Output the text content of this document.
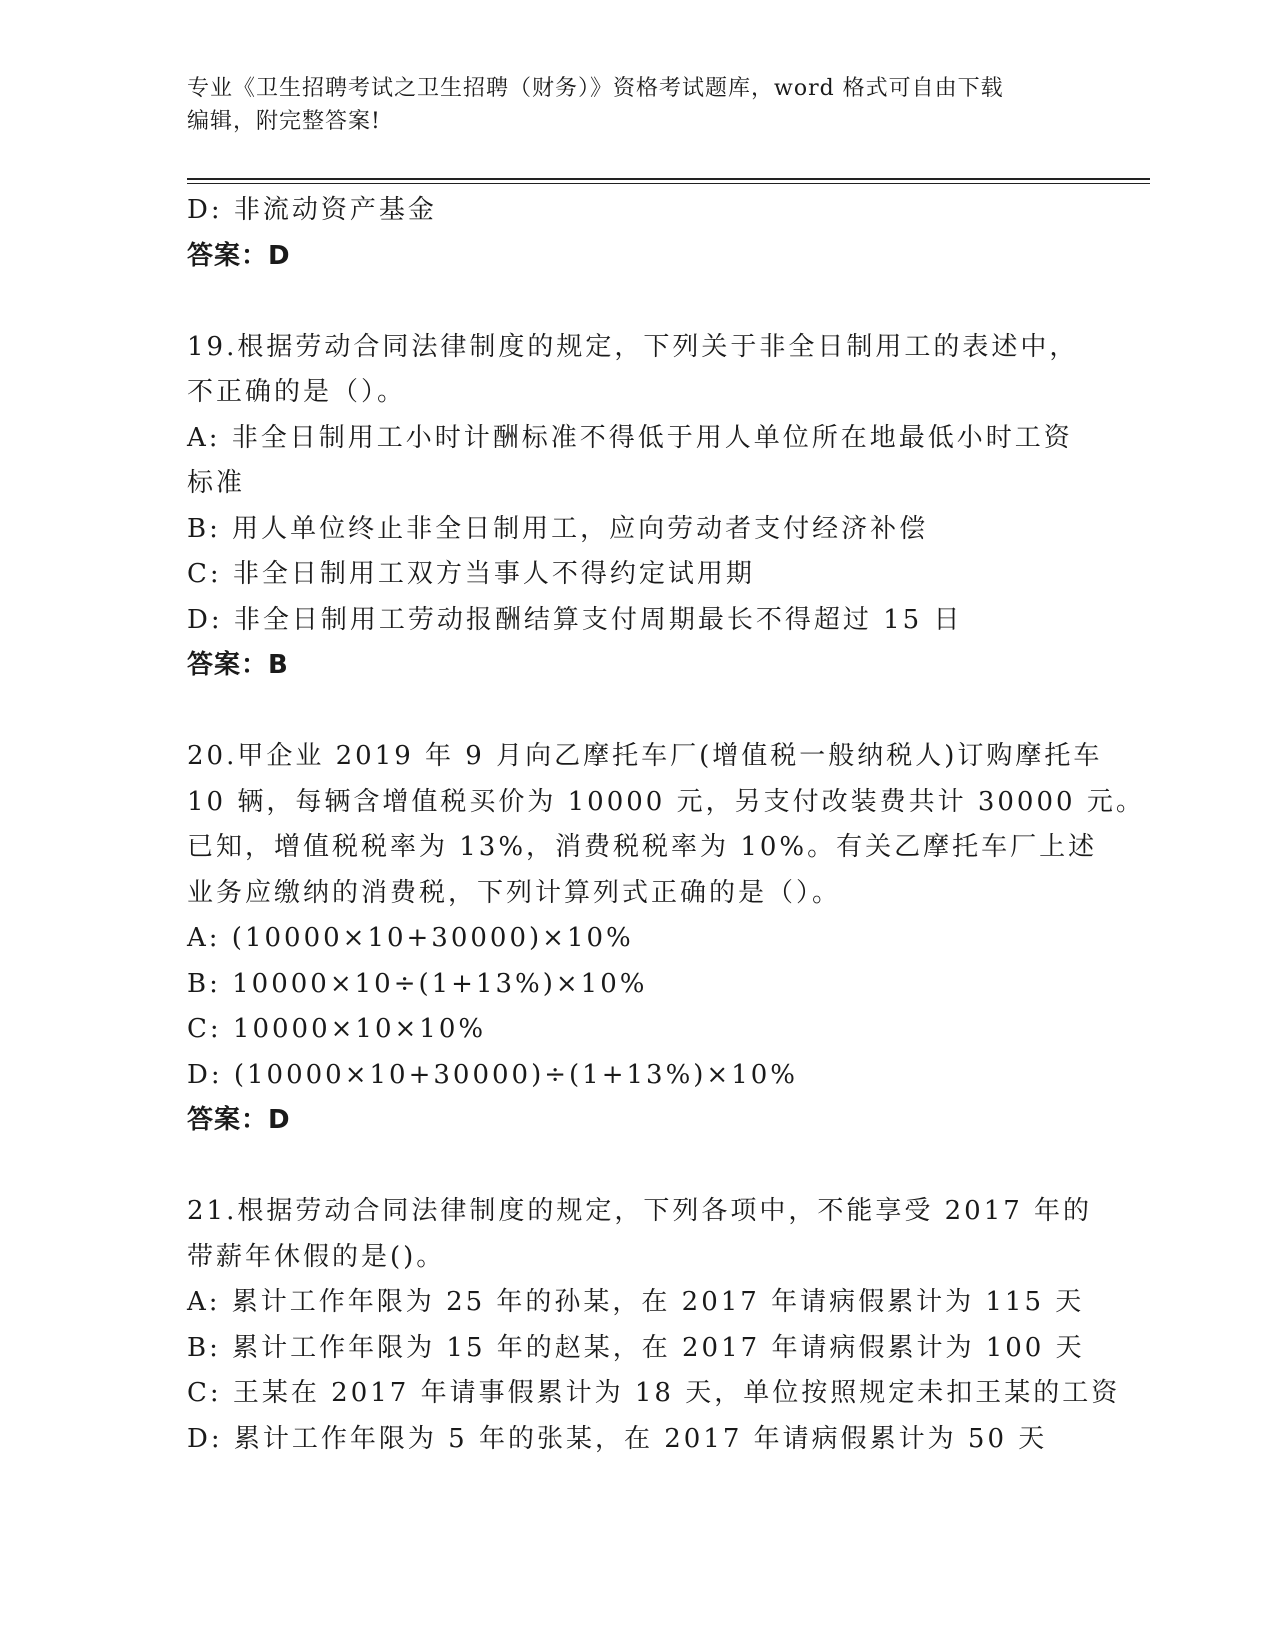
专业《卫生招聘考试之卫生招聘（财务）》资格考试题库，word 格式可自由下载
编辑，附完整答案!
D: 非流动资产基金
答案：D
19.根据劳动合同法律制度的规定，下列关于非全日制用工的表述中，
不正确的是（）。
A: 非全日制用工小时计酬标准不得低于用人单位所在地最低小时工资
标准
B: 用人单位终止非全日制用工，应向劳动者支付经济补偿
C: 非全日制用工双方当事人不得约定试用期
D: 非全日制用工劳动报酬结算支付周期最长不得超过 15 日
答案：B
20.甲企业 2019 年 9 月向乙摩托车厂(增值税一般纳税人)订购摩托车
10 辆，每辆含增值税买价为 10000 元，另支付改装费共计 30000 元。
已知，增值税税率为 13%，消费税税率为 10%。有关乙摩托车厂上述
业务应缴纳的消费税，下列计算列式正确的是（）。
A: (10000×10+30000)×10%
B: 10000×10÷(1+13%)×10%
C: 10000×10×10%
D: (10000×10+30000)÷(1+13%)×10%
答案：D
21.根据劳动合同法律制度的规定，下列各项中，不能享受 2017 年的
带薪年休假的是()。
A: 累计工作年限为 25 年的孙某，在 2017 年请病假累计为 115 天
B: 累计工作年限为 15 年的赵某，在 2017 年请病假累计为 100 天
C: 王某在 2017 年请事假累计为 18 天，单位按照规定未扣王某的工资
D: 累计工作年限为 5 年的张某，在 2017 年请病假累计为 50 天
